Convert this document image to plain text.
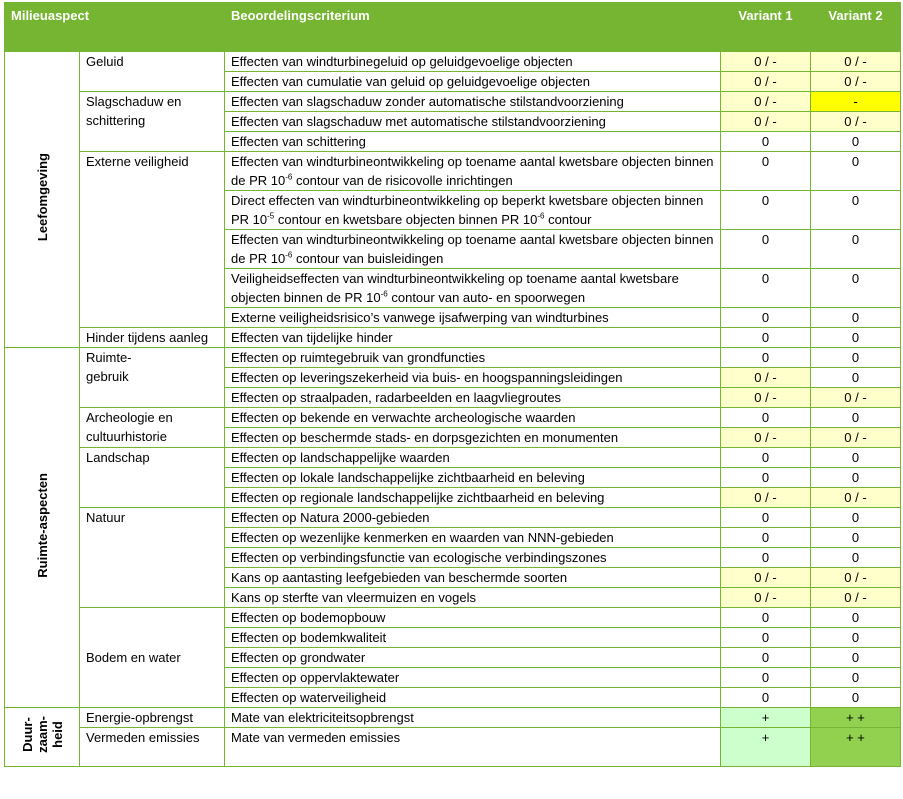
Milieuaspect		Beoordelingscriterium	Variant 1	Variant 2
Leefomgeving	Geluid	Effecten van windturbinegeluid op geluidgevoelige objecten	0 / -	0 / -
		Effecten van cumulatie van geluid op geluidgevoelige objecten	0 / -	0 / -
	Slagschaduw en schittering	Effecten van slagschaduw zonder automatische stilstandvoorziening	0 / -	-
		Effecten van slagschaduw met automatische stilstandvoorziening	0 / -	0 / -
		Effecten van schittering	0	0
	Externe veiligheid	Effecten van windturbineontwikkeling op toename aantal kwetsbare objecten binnen de PR $10^{-6}$ contour van de risicovolle inrichtingen	0	0
		Direct effecten van windturbineontwikkeling op beperkt kwetsbare objecten binnen PR $10^{-5}$ contour en kwetsbare objecten binnen PR $10^{-6}$ contour	0	0
		Effecten van windturbineontwikkeling op toename aantal kwetsbare objecten binnen de PR $10^{-6}$ contour van buisleidingen	0	0
		Veiligheidseffecten van windturbineontwikkeling op toename aantal kwetsbare objecten binnen de PR $10^{-6}$ contour van auto- en spoorwegen	0	0
		Externe veiligheidsrisico’s vanwege ijsafwerping van windturbines	0	0
	Hinder tijdens aanleg	Effecten van tijdelijke hinder	0	0
Ruimte-aspecten	Ruimte-gebruik	Effecten op ruimtegebruik van grondfuncties	0	0
		Effecten op leveringszekerheid via buis- en hoogspanningsleidingen	0 / -	0
		Effecten op straalpaden, radarbeelden en laagvliegroutes	0 / -	0 / -
	Archeologie en cultuurhistorie	Effecten op bekende en verwachte archeologische waarden	0	0
		Effecten op beschermde stads- en dorpsgezichten en monumenten	0 / -	0 / -
	Landschap	Effecten op landschappelijke waarden	0	0
		Effecten op lokale landschappelijke zichtbaarheid en beleving	0	0
		Effecten op regionale landschappelijke zichtbaarheid en beleving	0 / -	0 / -
	Natuur	Effecten op Natura 2000-gebieden	0	0
		Effecten op wezenlijke kenmerken en waarden van NNN-gebieden	0	0
		Effecten op verbindingsfunctie van ecologische verbindingszones	0	0
		Kans op aantasting leefgebieden van beschermde soorten	0 / -	0 / -
		Kans op sterfte van vleermuizen en vogels	0 / -	0 / -
	Bodem en water	Effecten op bodemopbouw	0	0
		Effecten op bodemkwaliteit	0	0
		Effecten op grondwater	0	0
		Effecten op oppervlaktewater	0	0
		Effecten op waterveiligheid	0	0

Duur- zaam- heid	Energie-opbrengst	Mate van elektriciteitsopbrengst	+	+ +
	Vermeden emissies	Mate van vermeden emissies	+	+ +
